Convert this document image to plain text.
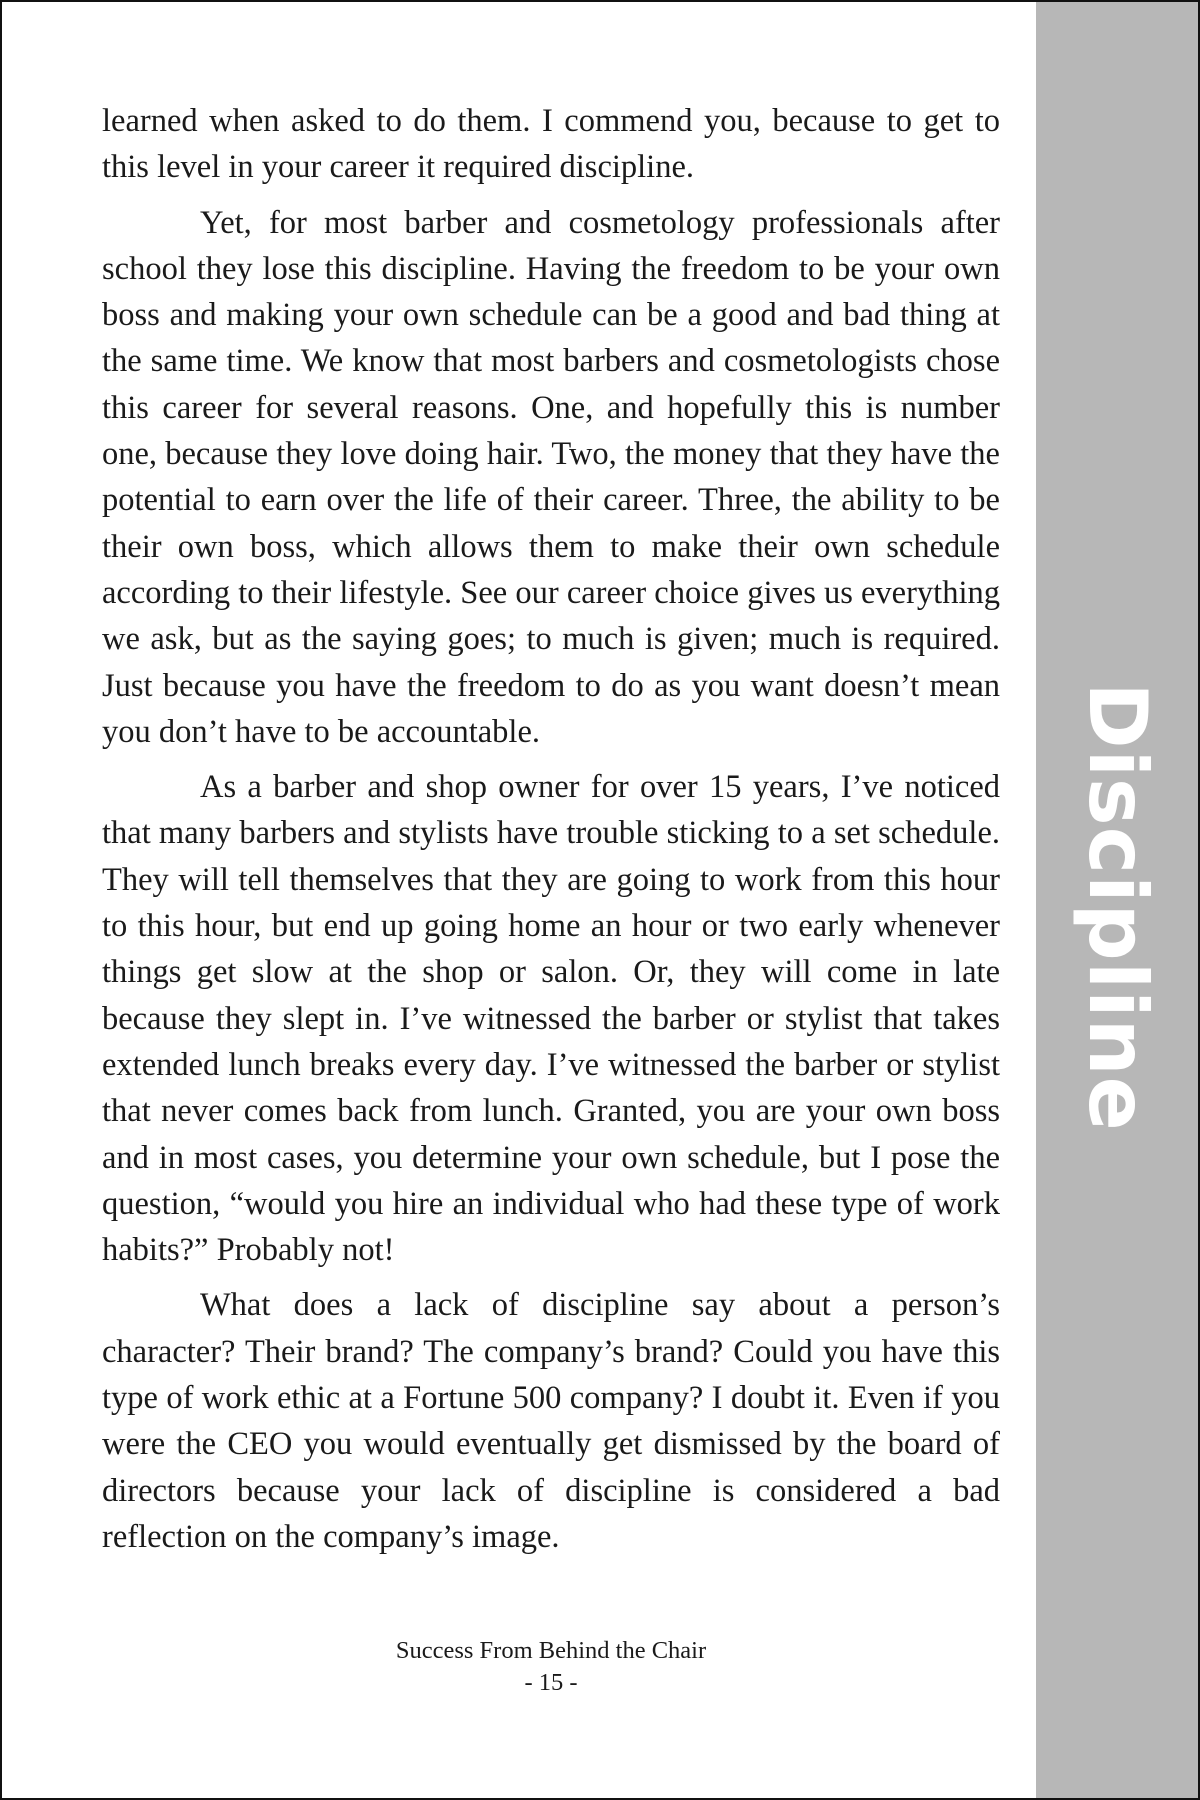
learned when asked to do them. I commend you, because to get to this level in your career it required discipline.

Yet, for most barber and cosmetology professionals after school they lose this discipline. Having the freedom to be your own boss and making your own schedule can be a good and bad thing at the same time. We know that most barbers and cosmetologists chose this career for several reasons. One, and hopefully this is number one, because they love doing hair. Two, the money that they have the potential to earn over the life of their career. Three, the ability to be their own boss, which allows them to make their own schedule according to their lifestyle. See our career choice gives us everything we ask, but as the saying goes; to much is given; much is required. Just because you have the freedom to do as you want doesn’t mean you don’t have to be accountable.

As a barber and shop owner for over 15 years, I’ve noticed that many barbers and stylists have trouble sticking to a set schedule. They will tell themselves that they are going to work from this hour to this hour, but end up going home an hour or two early whenever things get slow at the shop or salon. Or, they will come in late because they slept in. I’ve witnessed the barber or stylist that takes extended lunch breaks every day. I’ve witnessed the barber or stylist that never comes back from lunch. Granted, you are your own boss and in most cases, you determine your own schedule, but I pose the question, “would you hire an individual who had these type of work habits?” Probably not!

What does a lack of discipline say about a person’s character? Their brand? The company’s brand? Could you have this type of work ethic at a Fortune 500 company? I doubt it. Even if you were the CEO you would eventually get dismissed by the board of directors because your lack of discipline is considered a bad reflection on the company’s image.

Success From Behind the Chair
- 15 -
Discipline
